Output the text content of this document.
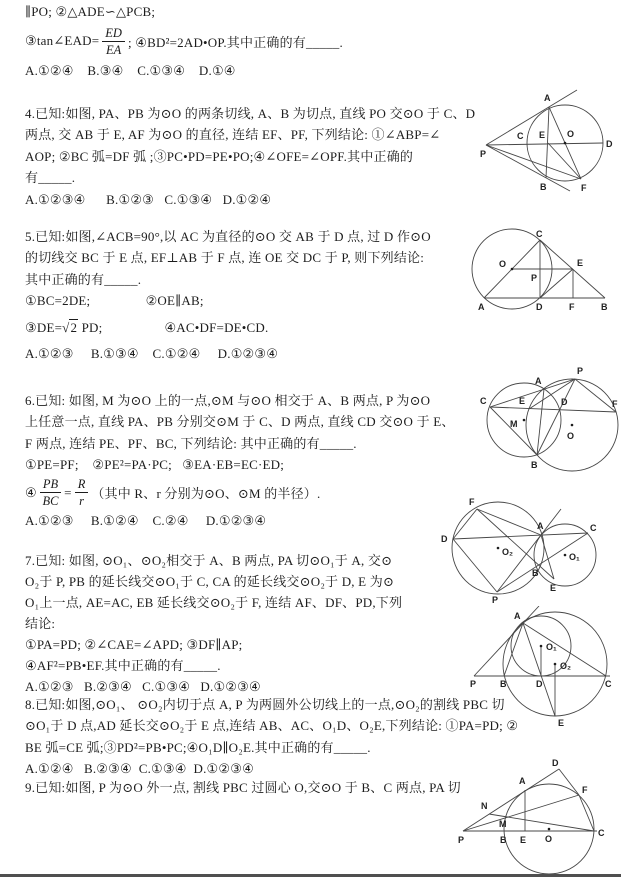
∥PO; ②△ADE∽△PCB;
③tan∠EAD= $\frac{ED}{EA}$ ; ④BD²=2AD•OP.其中正确的有_____.
A.①②④    B.③④    C.①③④    D.①④
4.已知:如图, PA、PB 为⊙O 的两条切线, A、B 为切点, 直线 PO 交⊙O 于 C、D
两点, 交 AB 于 E, AF 为⊙O 的直径, 连结 EF、PF, 下列结论: ①∠ABP=∠
AOP; ②BC 弧=DF 弧 ;③PC•PD=PE•PO;④∠OFE=∠OPF.其中正确的
有_____.
A.①②③④      B.①②③   C.①③④   D.①②④
5.已知:如图,∠ACB=90°,以 AC 为直径的⊙O 交 AB 于 D 点, 过 D 作⊙O
的切线交 BC 于 E 点, EF⊥AB 于 F 点, 连 OE 交 DC 于 P, 则下列结论:
其中正确的有_____.
①BC=2DE;                ②OE∥AB;
③DE=√2 PD;	④AC•DF=DE•CD.
A.①②③     B.①③④    C.①②④     D.①②③④
6.已知: 如图, M 为⊙O 上的一点,⊙M 与⊙O 相交于 A、B 两点, P 为⊙O
上任意一点, 直线 PA、PB 分别交⊙M 于 C、D 两点, 直线 CD 交⊙O 于 E、
F 两点, 连结 PE、PF、BC, 下列结论: 其中正确的有_____.
①PE=PF;    ②PE²=PA·PC;   ③EA·EB=EC·ED;
④ $\frac{PB}{BC} = \frac{R}{r}$ （其中 R、r 分别为⊙O、⊙M 的半径）.
A.①②③     B.①②④    C.②④     D.①②③④
7.已知: 如图, ⊙O₁、⊙O₂相交于 A、B 两点, PA 切⊙O₁于 A, 交⊙
O₂于 P, PB 的延长线交⊙O₁于 C, CA 的延长线交⊙O₂于 D, E 为⊙
O₁上一点, AE=AC, EB 延长线交⊙O₂于 F, 连结 AF、DF、PD,下列
结论:
①PA=PD; ②∠CAE=∠APD; ③DF∥AP;
④AF²=PB•EF.其中正确的有_____.
A.①②③   B.②③④   C.①③④   D.①②③④
8.已知:如图,⊙O₁、 ⊙O₂内切于点 A, P 为两圆外公切线上的一点,⊙O₂的割线 PBC 切
⊙O₁于 D 点,AD 延长交⊙O₂于 E 点,连结 AB、AC、O₁D、O₂E,下列结论: ①PA=PD; ②
BE 弧=CE 弧;③PD²=PB•PC;④O₁D∥O₂E.其中正确的有_____.
A.①②④   B.②③④  C.①③④  D.①②③④
9.已知:如图, P 为⊙O 外一点, 割线 PBC 过圆心 O,交⊙O 于 B、C 两点, PA 切
P
A
B
C E O
D
F
C
O	E
P
A	D	F	B
P
A
C	E
M
D
O
F
B
F
D
A	C
O₂	O₁
B
E
P
A
P	B	D	C
O₁
O₂
E
D
A
F
N
M
P	B E O
C
